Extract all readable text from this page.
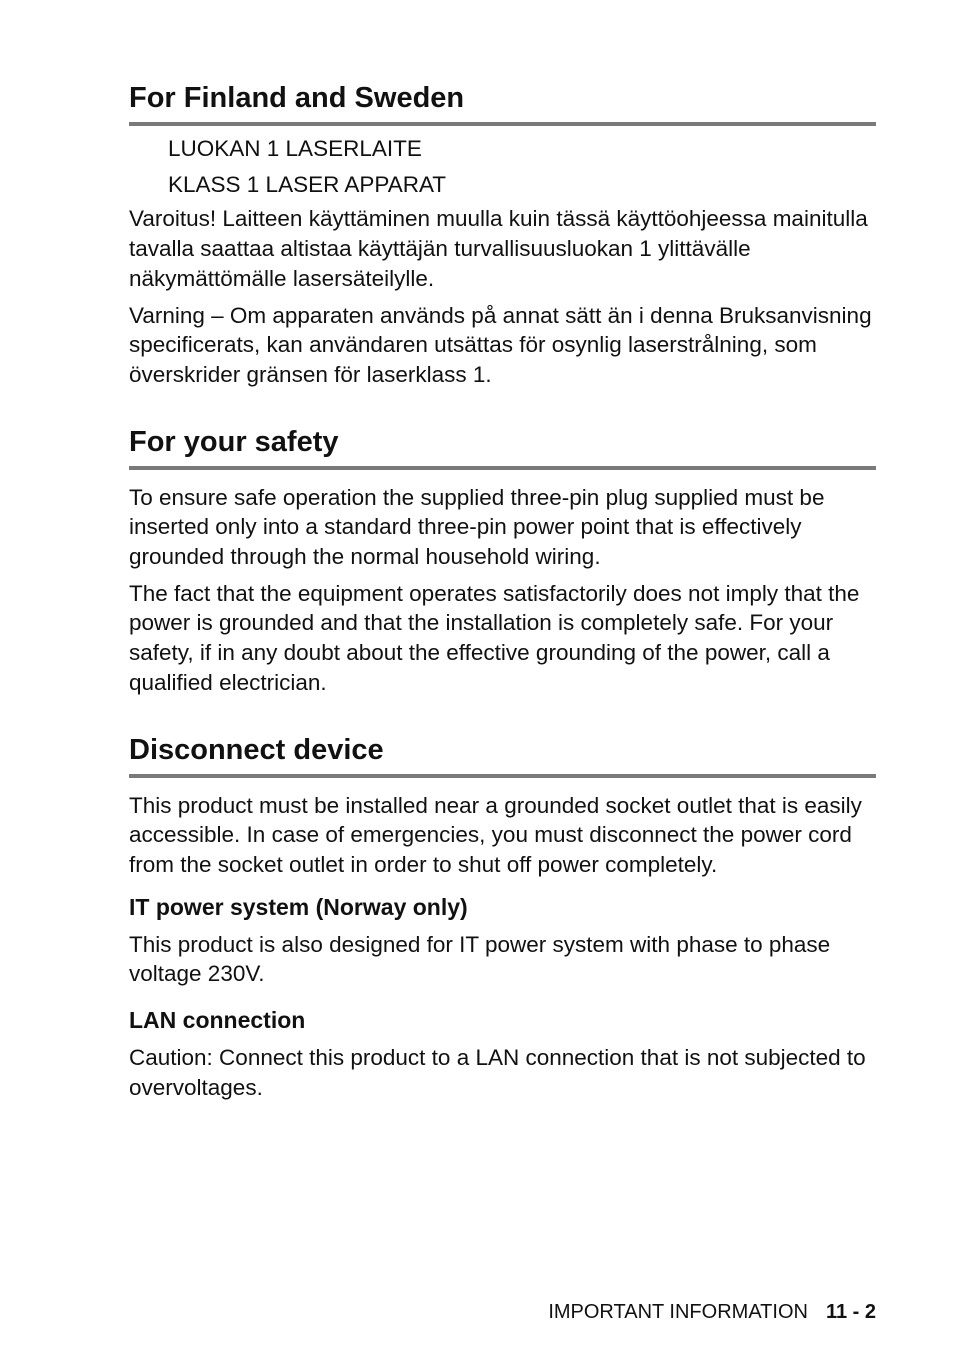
For Finland and Sweden

LUOKAN 1 LASERLAITE

KLASS 1 LASER APPARAT

Varoitus! Laitteen käyttäminen muulla kuin tässä käyttöohjeessa mainitulla tavalla saattaa altistaa käyttäjän turvallisuusluokan 1 ylittävälle näkymättömälle lasersäteilylle.

Varning – Om apparaten används på annat sätt än i denna Bruksanvisning specificerats, kan användaren utsättas för osynlig laserstrålning, som överskrider gränsen för laserklass 1.

For your safety

To ensure safe operation the supplied three-pin plug supplied must be inserted only into a standard three-pin power point that is effectively grounded through the normal household wiring.

The fact that the equipment operates satisfactorily does not imply that the power is grounded and that the installation is completely safe. For your safety, if in any doubt about the effective grounding of the power, call a qualified electrician.

Disconnect device

This product must be installed near a grounded socket outlet that is easily accessible. In case of emergencies, you must disconnect the power cord from the socket outlet in order to shut off power completely.

IT power system (Norway only)

This product is also designed for IT power system with phase to phase voltage 230V.

LAN connection

Caution: Connect this product to a LAN connection that is not subjected to overvoltages.

IMPORTANT INFORMATION 11 - 2
